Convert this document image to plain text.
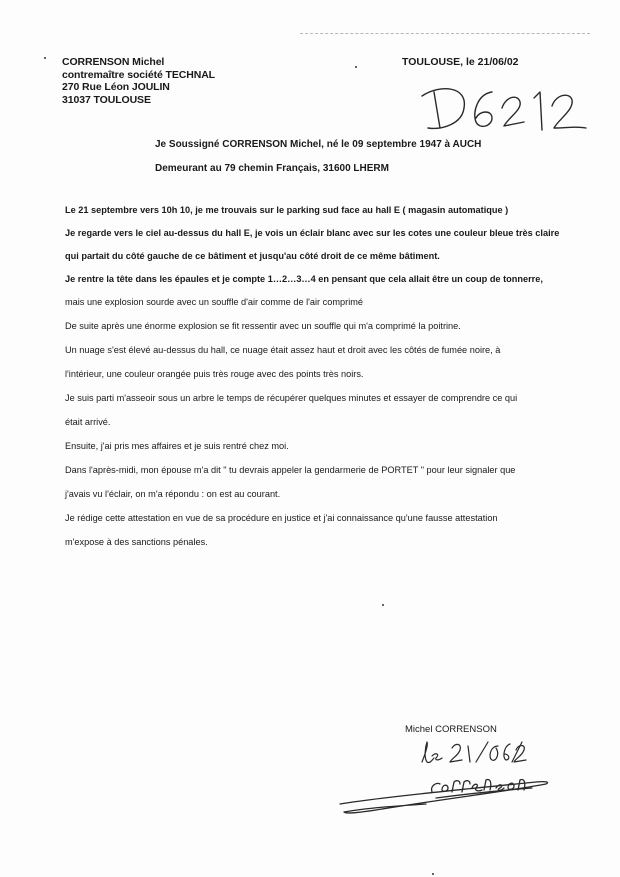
CORRENSON Michel
contremaître société TECHNAL
270 Rue Léon JOULIN
31037 TOULOUSE
TOULOUSE, le 21/06/02
Je Soussigné CORRENSON Michel, né le 09 septembre 1947 à AUCH
Demeurant au 79 chemin Français, 31600 LHERM
Le 21 septembre vers 10h 10, je me trouvais sur le parking sud face au hall E ( magasin automatique )
Je regarde vers le ciel au-dessus du hall E, je vois un éclair blanc avec sur les cotes une couleur bleue très claire
qui partait du côté gauche de ce bâtiment et jusqu'au côté droit de ce même bâtiment.
Je rentre la tête dans les épaules et je compte 1…2…3…4 en pensant que cela allait être un coup de tonnerre,
mais une explosion sourde avec un souffle d'air comme de l'air comprimé
De suite après une énorme explosion se fit ressentir avec un souffle qui m'a comprimé la poitrine.
Un nuage s'est élevé au-dessus du hall, ce nuage était assez haut et droit avec les côtés de fumée noire, à
l'intérieur, une couleur orangée puis très rouge avec des points très noirs.
Je suis parti m'asseoir sous un arbre le temps de récupérer quelques minutes et essayer de comprendre ce qui
était arrivé.
Ensuite, j'ai pris mes affaires et je suis rentré chez moi.
Dans l'après-midi, mon épouse m'a dit " tu devrais appeler la gendarmerie de PORTET " pour leur signaler que
j'avais vu l'éclair, on m'a répondu : on est au courant.
Je rédige cette attestation en vue de sa procédure en justice et j'ai connaissance qu'une fausse attestation
m'expose à des sanctions pénales.
Michel CORRENSON
